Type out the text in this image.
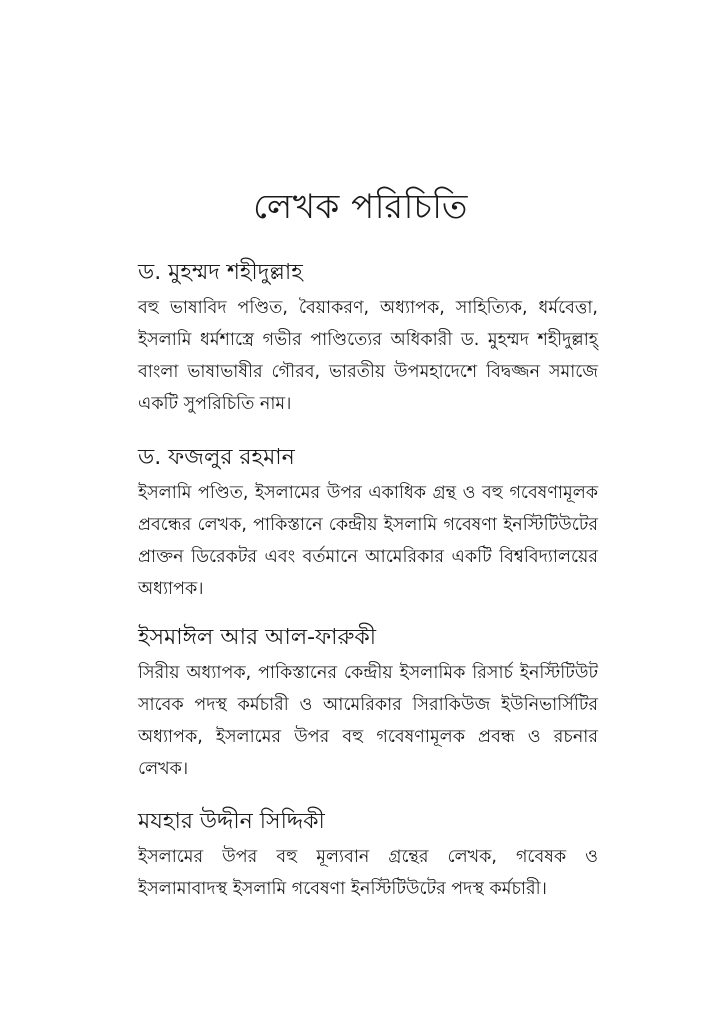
লেখক পরিচিতি
ড. মুহম্মদ শহীদুল্লাহ

বহু ভাষাবিদ পণ্ডিত, বৈয়াকরণ, অধ্যাপক, সাহিত্যিক, ধর্মবেত্তা, ইসলামি ধর্মশাস্ত্রে গভীর পাণ্ডিত্যের অধিকারী ড. মুহম্মদ শহীদুল্লাহ্ বাংলা ভাষাভাষীর গৌরব, ভারতীয় উপমহাদেশে বিদ্বজ্জন সমাজে একটি সুপরিচিতি নাম।

ড. ফজলুর রহমান

ইসলামি পণ্ডিত, ইসলামের উপর একাধিক গ্রন্থ ও বহু গবেষণামূলক প্রবন্ধের লেখক, পাকিস্তানে কেন্দ্রীয় ইসলামি গবেষণা ইনস্টিটিউটের প্রাক্তন ডিরেকটর এবং বর্তমানে আমেরিকার একটি বিশ্ববিদ্যালয়ের অধ্যাপক।

ইসমাঈল আর আল-ফারুকী

সিরীয় অধ্যাপক, পাকিস্তানের কেন্দ্রীয় ইসলামিক রিসার্চ ইনস্টিটিউট সাবেক পদস্থ কর্মচারী ও আমেরিকার সিরাকিউজ ইউনিভার্সিটির অধ্যাপক, ইসলামের উপর বহু গবেষণামূলক প্রবন্ধ ও রচনার লেখক।

মযহার উদ্দীন সিদ্দিকী

ইসলামের উপর বহু মূল্যবান গ্রন্থের লেখক, গবেষক ও ইসলামাবাদস্থ ইসলামি গবেষণা ইনস্টিটিউটের পদস্থ কর্মচারী।
